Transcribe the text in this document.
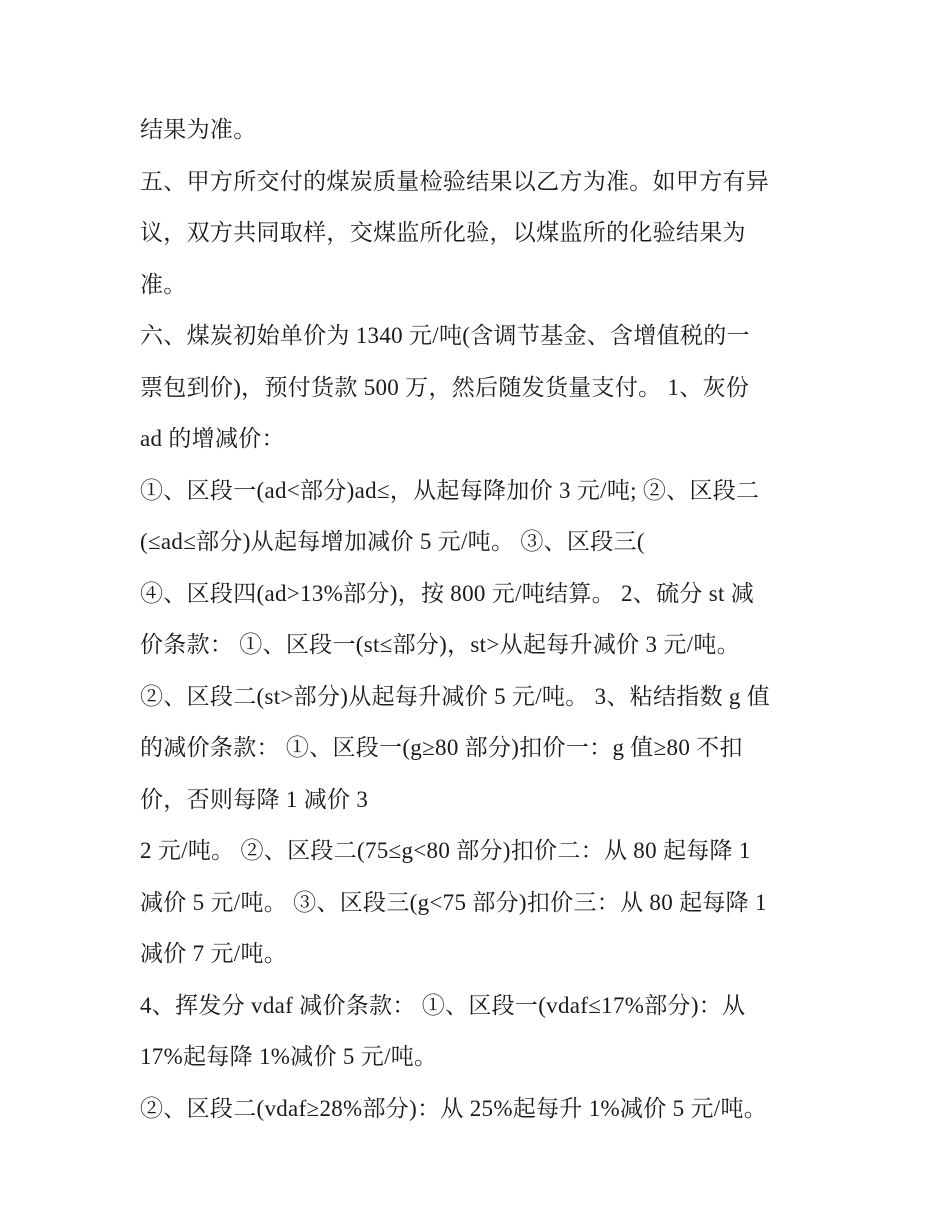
结果为准。
五、甲方所交付的煤炭质量检验结果以乙方为准。如甲方有异
议，双方共同取样，交煤监所化验，以煤监所的化验结果为
准。
六、煤炭初始单价为 1340 元/吨(含调节基金、含增值税的一
票包到价)，预付货款 500 万，然后随发货量支付。 1、灰份
ad 的增减价：
①、区段一(ad<部分)ad≤，从起每降加价 3 元/吨; ②、区段二
(≤ad≤部分)从起每增加减价 5 元/吨。 ③、区段三(
④、区段四(ad>13%部分)，按 800 元/吨结算。 2、硫分 st 减
价条款： ①、区段一(st≤部分)，st>从起每升减价 3 元/吨。
②、区段二(st>部分)从起每升减价 5 元/吨。 3、粘结指数 g 值
的减价条款： ①、区段一(g≥80 部分)扣价一：g 值≥80 不扣
价，否则每降 1 减价 3
2 元/吨。 ②、区段二(75≤g<80 部分)扣价二：从 80 起每降 1
减价 5 元/吨。 ③、区段三(g<75 部分)扣价三：从 80 起每降 1
减价 7 元/吨。
4、挥发分 vdaf 减价条款： ①、区段一(vdaf≤17%部分)：从
17%起每降 1%减价 5 元/吨。
②、区段二(vdaf≥28%部分)：从 25%起每升 1%减价 5 元/吨。
